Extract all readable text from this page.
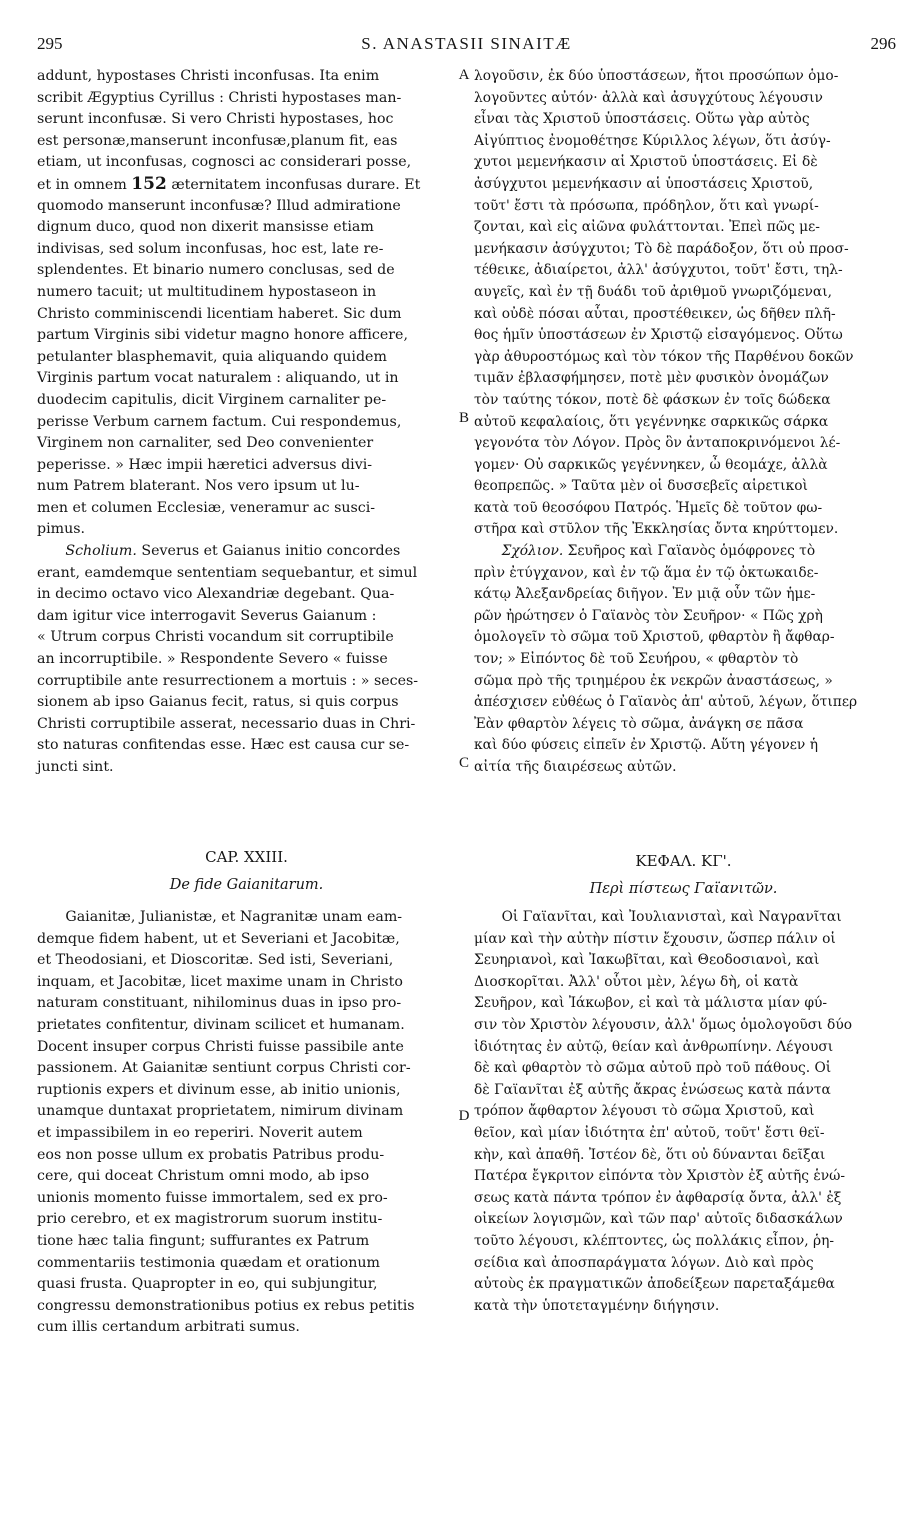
295	S. ANASTASII SINAITÆ	296
addunt, hypostases Christi inconfusas. Ita enim
scribit Ægyptius Cyrillus : Christi hypostases man-
serunt inconfusæ. Si vero Christi hypostases, hoc
est personæ,manserunt inconfusæ,planum fit, eas
etiam, ut inconfusas, cognosci ac considerari posse,
et in omnem 152 æternitatem inconfusas durare. Et
quomodo manserunt inconfusæ? Illud admiratione
dignum duco, quod non dixerit mansisse etiam
indivisas, sed solum inconfusas, hoc est, late re-
splendentes. Et binario numero conclusas, sed de
numero tacuit; ut multitudinem hypostaseon in
Christo comminiscendi licentiam haberet. Sic dum
partum Virginis sibi videtur magno honore afficere,
petulanter blasphemavit, quia aliquando quidem
Virginis partum vocat naturalem : aliquando, ut in
duodecim capitulis, dicit Virginem carnaliter pe-
perisse Verbum carnem factum. Cui respondemus,
Virginem non carnaliter, sed Deo convenienter
peperisse. » Hæc impii hæretici adversus divi-
num Patrem blaterant. Nos vero ipsum ut lu-
men et columen Ecclesiæ, veneramur ac susci-
pimus.
  Scholium. Severus et Gaianus initio concordes
erant, eamdemque sententiam sequebantur, et simul
in decimo octavo vico Alexandriæ degebant. Qua-
dam igitur vice interrogavit Severus Gaianum :
« Utrum corpus Christi vocandum sit corruptibile
an incorruptibile. » Respondente Severo « fuisse
corruptibile ante resurrectionem a mortuis : » seces-
sionem ab ipso Gaianus fecit, ratus, si quis corpus
Christi corruptibile asserat, necessario duas in Chri-
sto naturas confitendas esse. Hæc est causa cur se-
juncti sint.
λογοῦσιν, ἐκ δύο ὑποστάσεων, ἤτοι προσώπων ὁμο-
λογοῦντες αὐτόν· ἀλλὰ καὶ ἀσυγχύτους λέγουσιν
εἶναι τὰς Χριστοῦ ὑποστάσεις. Οὕτω γὰρ αὐτὸς
Αἰγύπτιος ἐνομοθέτησε Κύριλλος λέγων, ὅτι ἀσύγ-
χυτοι μεμενήκασιν αἱ Χριστοῦ ὑποστάσεις. Εἰ δὲ
ἀσύγχυτοι μεμενήκασιν αἱ ὑποστάσεις Χριστοῦ,
τοῦτ' ἔστι τὰ πρόσωπα, πρόδηλον, ὅτι καὶ γνωρί-
ζονται, καὶ εἰς αἰῶνα φυλάττονται. Ἐπεὶ πῶς με-
μενήκασιν ἀσύγχυτοι; Τὸ δὲ παράδοξον, ὅτι οὐ προσ-
τέθεικε, ἀδιαίρετοι, ἀλλ' ἀσύγχυτοι, τοῦτ' ἔστι, τηλ-
αυγεῖς, καὶ ἐν τῇ δυάδι τοῦ ἀριθμοῦ γνωριζόμεναι,
καὶ οὐδὲ πόσαι αὗται, προστέθεικεν, ὡς δῆθεν πλῆ-
θος ἡμῖν ὑποστάσεων ἐν Χριστῷ εἰσαγόμενος. Οὕτω
γὰρ ἀθυροστόμως καὶ τὸν τόκον τῆς Παρθένου δοκῶν
τιμᾶν ἐβλασφήμησεν, ποτὲ μὲν φυσικὸν ὀνομάζων
τὸν ταύτης τόκον, ποτὲ δὲ φάσκων ἐν τοῖς δώδεκα
αὐτοῦ κεφαλαίοις, ὅτι γεγέννηκε σαρκικῶς σάρκα
γεγονότα τὸν Λόγον. Πρὸς ὃν ἀνταποκρινόμενοι λέ-
γομεν· Οὐ σαρκικῶς γεγέννηκεν, ὦ θεομάχε, ἀλλὰ
θεοπρεπῶς. » Ταῦτα μὲν οἱ δυσσεβεῖς αἱρετικοὶ
κατὰ τοῦ θεοσόφου Πατρός. Ἡμεῖς δὲ τοῦτον φω-
στῆρα καὶ στῦλον τῆς Ἐκκλησίας ὄντα κηρύττομεν.
  Σχόλιον. Σευῆρος καὶ Γαϊανὸς ὁμόφρονες τὸ
πρὶν ἐτύγχανον, καὶ ἐν τῷ ἅμα ἐν τῷ ὀκτωκαιδε-
κάτῳ Ἀλεξανδρείας διῆγον. Ἐν μιᾷ οὖν τῶν ἡμε-
ρῶν ἠρώτησεν ὁ Γαϊανὸς τὸν Σευῆρον· « Πῶς χρὴ
ὁμολογεῖν τὸ σῶμα τοῦ Χριστοῦ, φθαρτὸν ἢ ἄφθαρ-
τον; » Εἰπόντος δὲ τοῦ Σευήρου, « φθαρτὸν τὸ
σῶμα πρὸ τῆς τριημέρου ἐκ νεκρῶν ἀναστάσεως, »
ἀπέσχισεν εὐθέως ὁ Γαϊανὸς ἀπ' αὐτοῦ, λέγων, ὅτιπερ
Ἐὰν φθαρτὸν λέγεις τὸ σῶμα, ἀνάγκη σε πᾶσα
καὶ δύο φύσεις εἰπεῖν ἐν Χριστῷ. Αὕτη γέγονεν ἡ
αἰτία τῆς διαιρέσεως αὐτῶν.
CAP. XXIII.
De fide Gaianitarum.
ΚΕΦΑΛ. ΚΓ'.
Περὶ πίστεως Γαϊανιτῶν.
  Gaianitæ, Julianistæ, et Nagranitæ unam eam-
demque fidem habent, ut et Severiani et Jacobitæ,
et Theodosiani, et Dioscoritæ. Sed isti, Severiani,
inquam, et Jacobitæ, licet maxime unam in Christo
naturam constituant, nihilominus duas in ipso pro-
prietates confitentur, divinam scilicet et humanam.
Docent insuper corpus Christi fuisse passibile ante
passionem. At Gaianitæ sentiunt corpus Christi cor-
ruptionis expers et divinum esse, ab initio unionis,
unamque duntaxat proprietatem, nimirum divinam
et impassibilem in eo reperiri. Noverit autem
eos non posse ullum ex probatis Patribus produ-
cere, qui doceat Christum omni modo, ab ipso
unionis momento fuisse immortalem, sed ex pro-
prio cerebro, et ex magistrorum suorum institu-
tione hæc talia fingunt; suffurantes ex Patrum
commentariis testimonia quædam et orationum
quasi frusta. Quapropter in eo, qui subjungitur,
congressu demonstrationibus potius ex rebus petitis
cum illis certandum arbitrati sumus.
  Οἱ Γαϊανῖται, καὶ Ἰουλιανισταὶ, καὶ Ναγρανῖται
μίαν καὶ τὴν αὐτὴν πίστιν ἔχουσιν, ὥσπερ πάλιν οἱ
Σευηριανοὶ, καὶ Ἰακωβῖται, καὶ Θεοδοσιανοὶ, καὶ
Διοσκορῖται. Ἀλλ' οὗτοι μὲν, λέγω δὴ, οἱ κατὰ
Σευῆρον, καὶ Ἰάκωβον, εἰ καὶ τὰ μάλιστα μίαν φύ-
σιν τὸν Χριστὸν λέγουσιν, ἀλλ' ὅμως ὁμολογοῦσι δύο
ἰδιότητας ἐν αὐτῷ, θείαν καὶ ἀνθρωπίνην. Λέγουσι
δὲ καὶ φθαρτὸν τὸ σῶμα αὐτοῦ πρὸ τοῦ πάθους. Οἱ
δὲ Γαϊανῖται ἐξ αὐτῆς ἄκρας ἑνώσεως κατὰ πάντα
τρόπον ἄφθαρτον λέγουσι τὸ σῶμα Χριστοῦ, καὶ
θεῖον, καὶ μίαν ἰδιότητα ἐπ' αὐτοῦ, τοῦτ' ἔστι θεϊ-
κὴν, καὶ ἀπαθῆ. Ἰστέον δὲ, ὅτι οὐ δύνανται δεῖξαι
Πατέρα ἔγκριτον εἰπόντα τὸν Χριστὸν ἐξ αὐτῆς ἑνώ-
σεως κατὰ πάντα τρόπον ἐν ἀφθαρσίᾳ ὄντα, ἀλλ' ἐξ
οἰκείων λογισμῶν, καὶ τῶν παρ' αὐτοῖς διδασκάλων
τοῦτο λέγουσι, κλέπτοντες, ὡς πολλάκις εἶπον, ῥη-
σείδια καὶ ἀποσπαράγματα λόγων. Διὸ καὶ πρὸς
αὐτοὺς ἐκ πραγματικῶν ἀποδείξεων παρεταξάμεθα
κατὰ τὴν ὑποτεταγμένην διήγησιν.
A
B
C
D
